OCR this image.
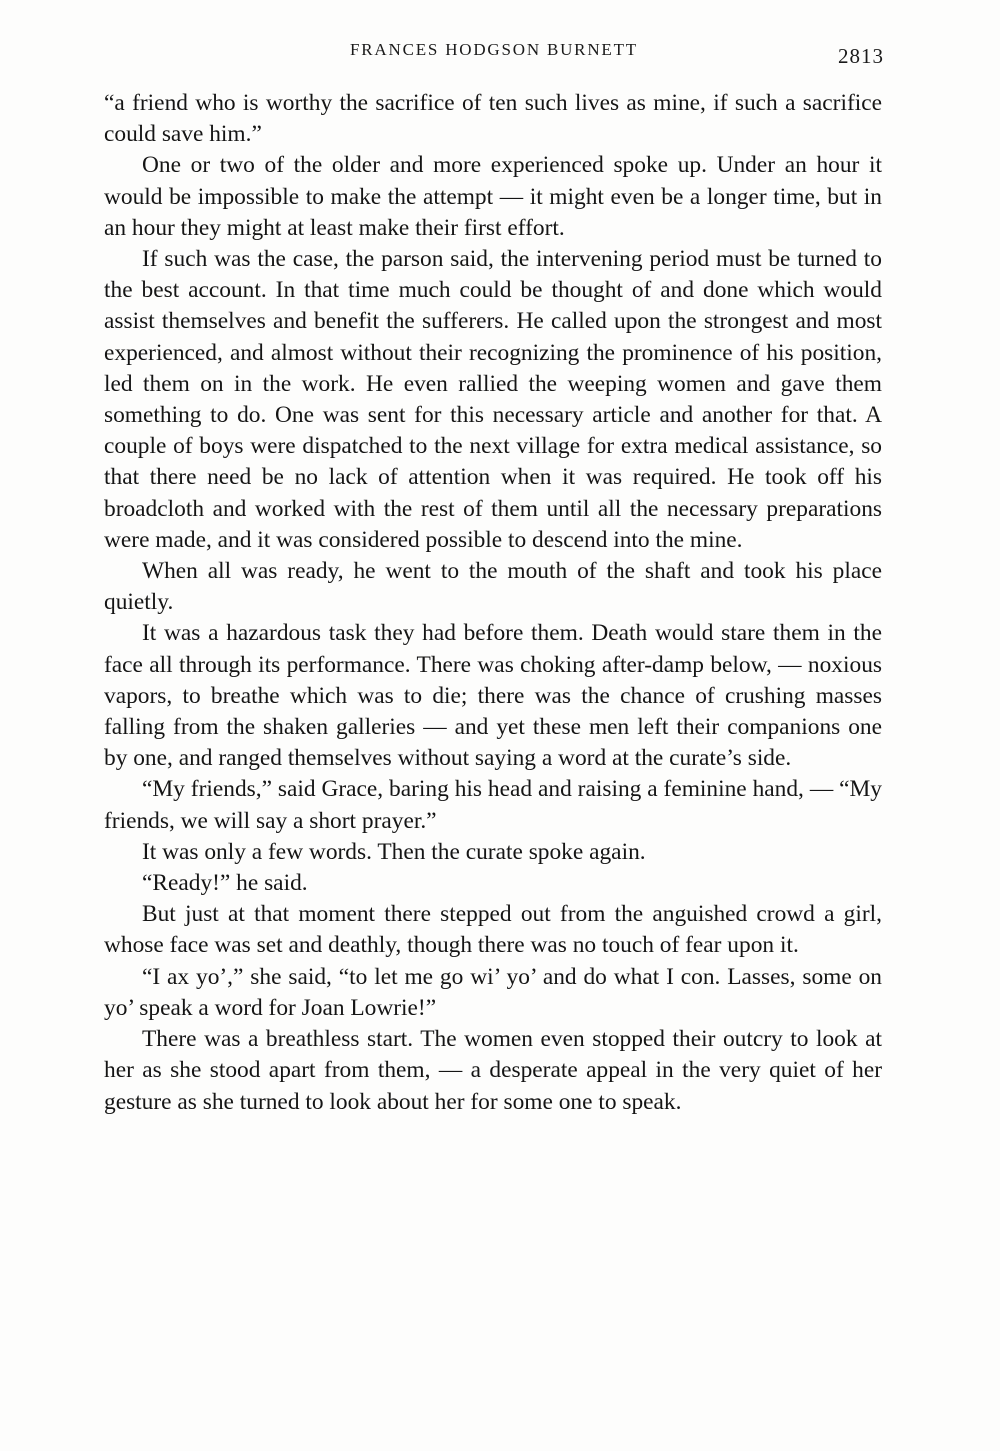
FRANCES HODGSON BURNETT	2813

“a friend who is worthy the sacrifice of ten such lives as mine, if such a sacrifice could save him.”

One or two of the older and more experienced spoke up. Under an hour it would be impossible to make the attempt — it might even be a longer time, but in an hour they might at least make their first effort.

If such was the case, the parson said, the intervening period must be turned to the best account. In that time much could be thought of and done which would assist themselves and benefit the sufferers. He called upon the strongest and most experienced, and almost without their recognizing the prominence of his position, led them on in the work. He even rallied the weeping women and gave them something to do. One was sent for this necessary article and another for that. A couple of boys were dispatched to the next village for extra medical assistance, so that there need be no lack of attention when it was required. He took off his broadcloth and worked with the rest of them until all the necessary preparations were made, and it was considered possible to descend into the mine.

When all was ready, he went to the mouth of the shaft and took his place quietly.

It was a hazardous task they had before them. Death would stare them in the face all through its performance. There was choking after-damp below, — noxious vapors, to breathe which was to die; there was the chance of crushing masses falling from the shaken galleries — and yet these men left their companions one by one, and ranged themselves without saying a word at the curate’s side.

“My friends,” said Grace, baring his head and raising a feminine hand, — “My friends, we will say a short prayer.”

It was only a few words. Then the curate spoke again.

“Ready!” he said.

But just at that moment there stepped out from the anguished crowd a girl, whose face was set and deathly, though there was no touch of fear upon it.

“I ax yo’,” she said, “to let me go wi’ yo’ and do what I con. Lasses, some on yo’ speak a word for Joan Lowrie!”

There was a breathless start. The women even stopped their outcry to look at her as she stood apart from them, — a desperate appeal in the very quiet of her gesture as she turned to look about her for some one to speak.
